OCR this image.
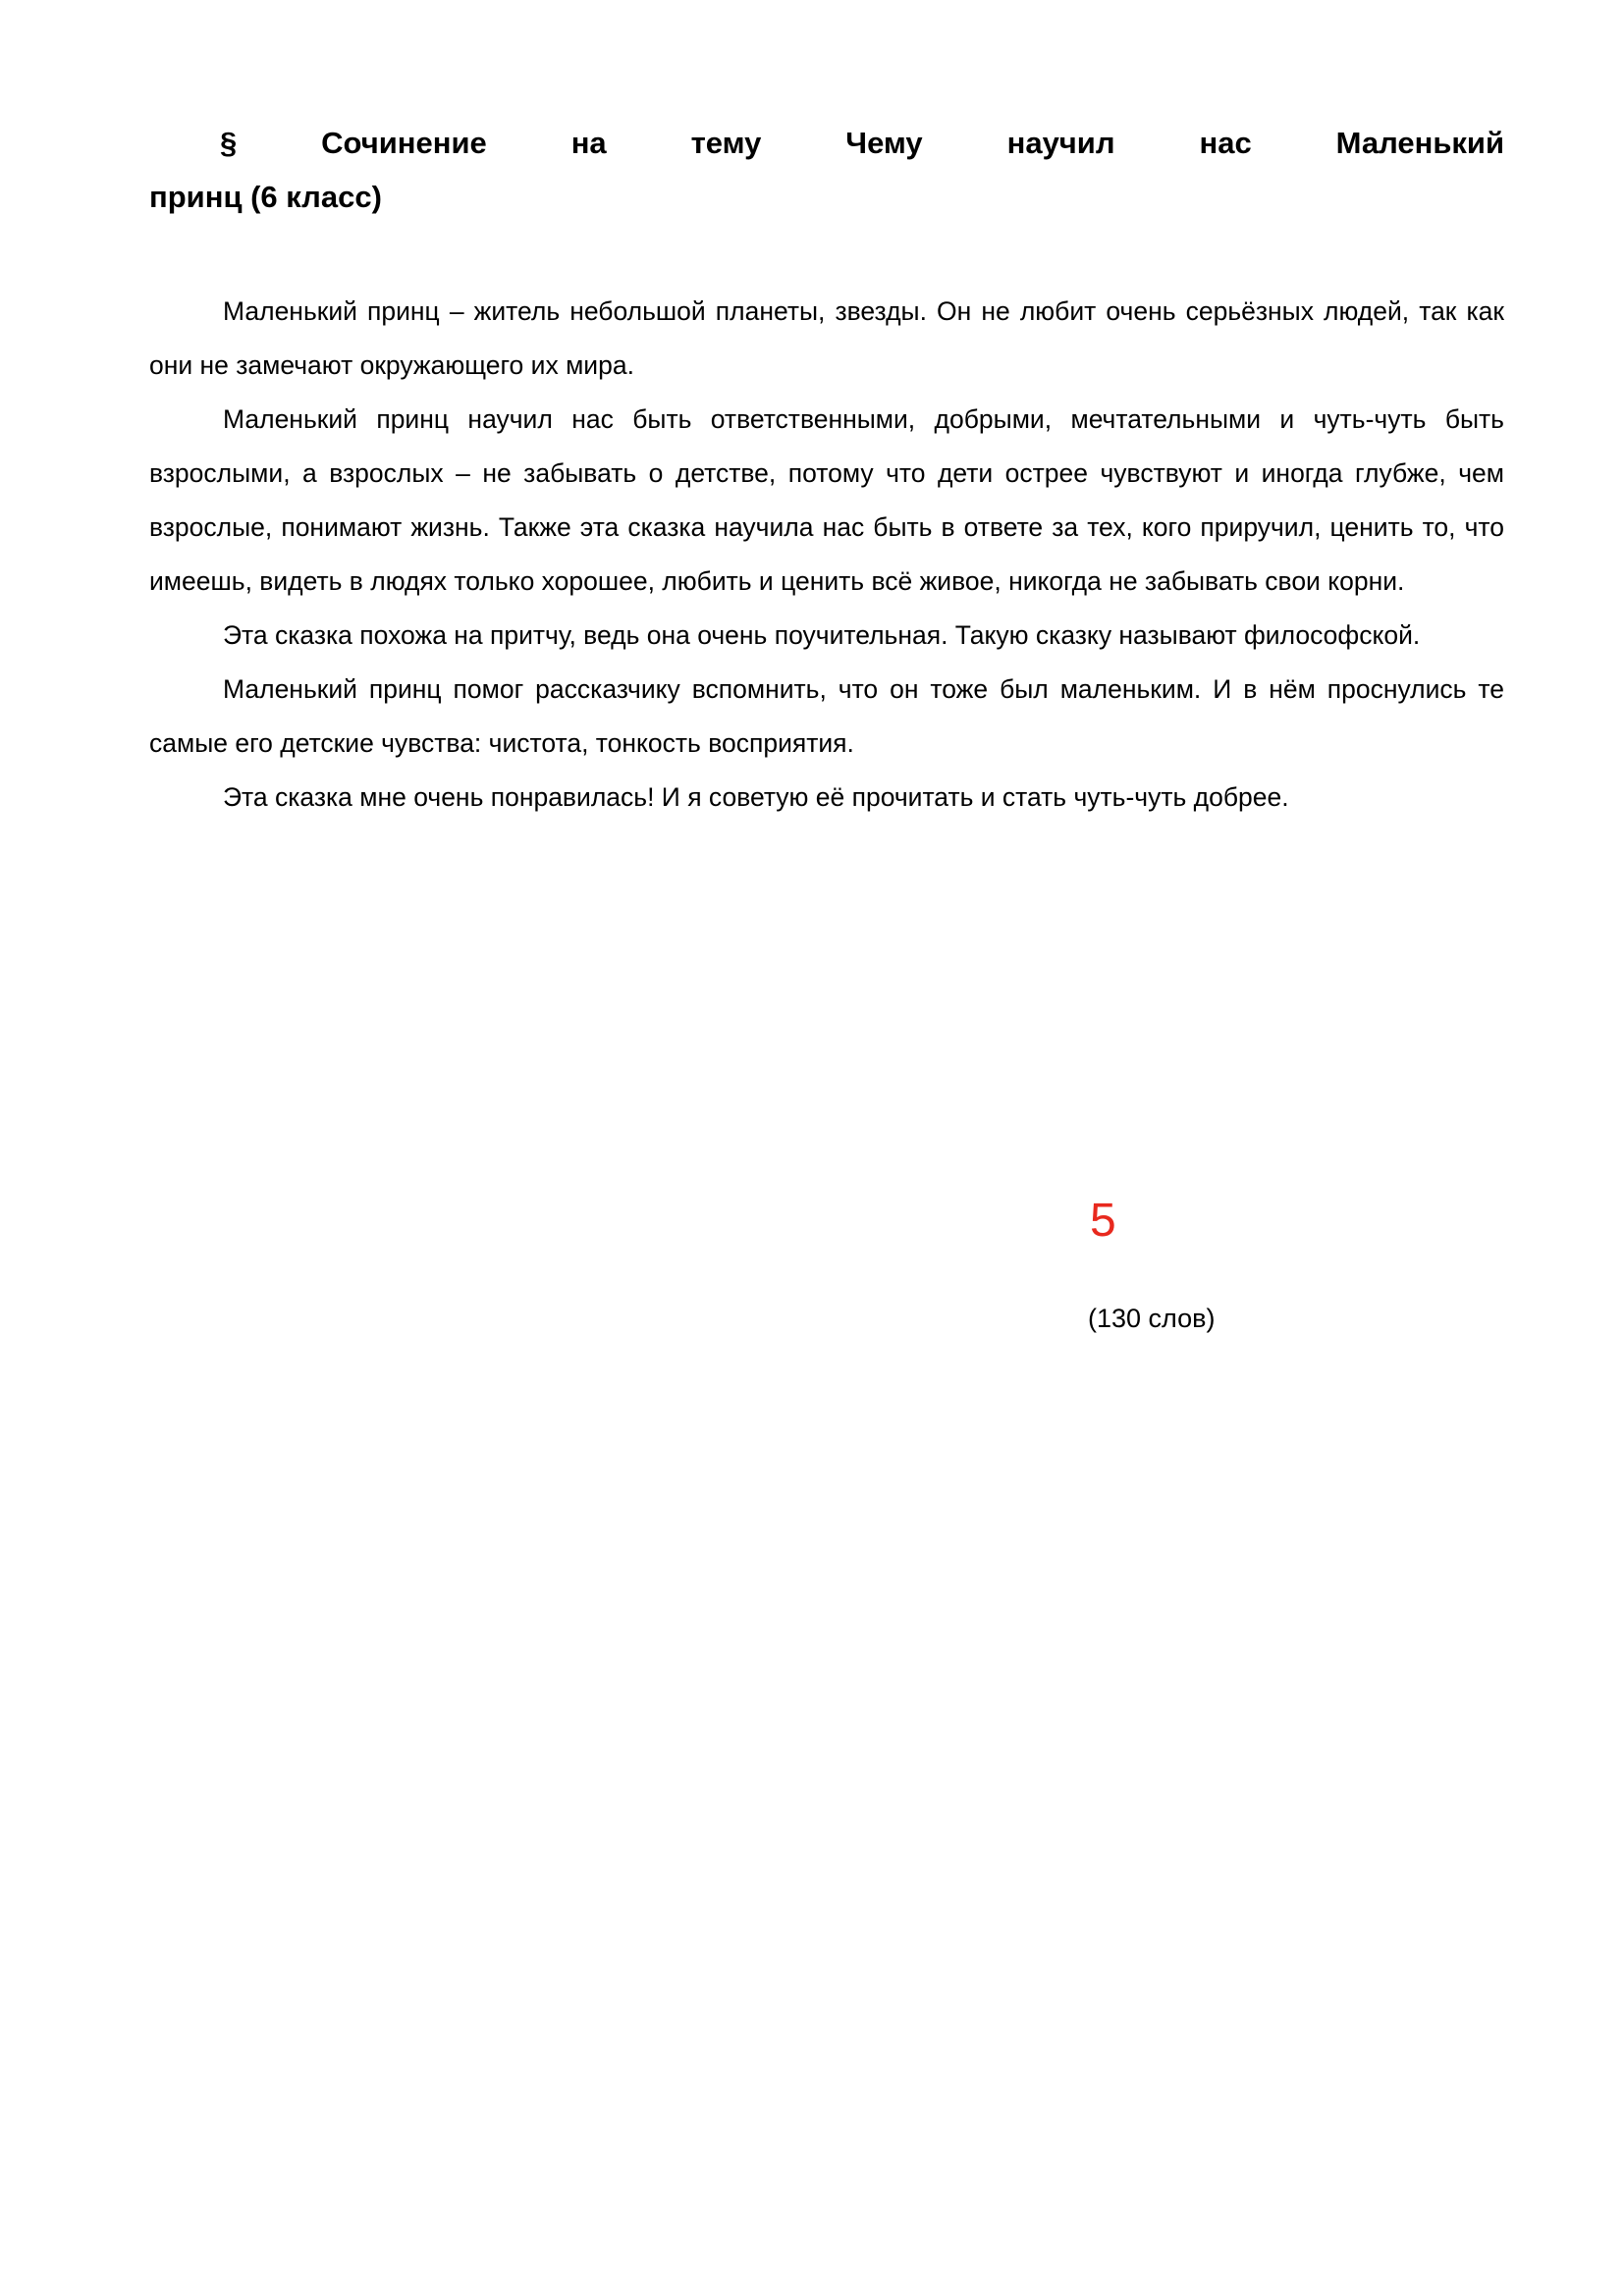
§ Сочинение на тему Чему научил нас Маленький
принц (6 класс)

Маленький принц – житель небольшой планеты, звезды. Он не любит очень серьёзных людей, так как они не замечают окружающего их мира.

Маленький принц научил нас быть ответственными, добрыми, мечтательными и чуть-чуть быть взрослыми, а взрослых – не забывать о детстве, потому что дети острее чувствуют и иногда глубже, чем взрослые, понимают жизнь. Также эта сказка научила нас быть в ответе за тех, кого приручил, ценить то, что имеешь, видеть в людях только хорошее, любить и ценить всё живое, никогда не забывать свои корни.

Эта сказка похожа на притчу, ведь она очень поучительная. Такую сказку называют философской.

Маленький принц помог рассказчику вспомнить, что он тоже был маленьким. И в нём проснулись те самые его детские чувства: чистота, тонкость восприятия.

Эта сказка мне очень понравилась! И я советую её прочитать и стать чуть-чуть добрее.

5
(130 слов)
